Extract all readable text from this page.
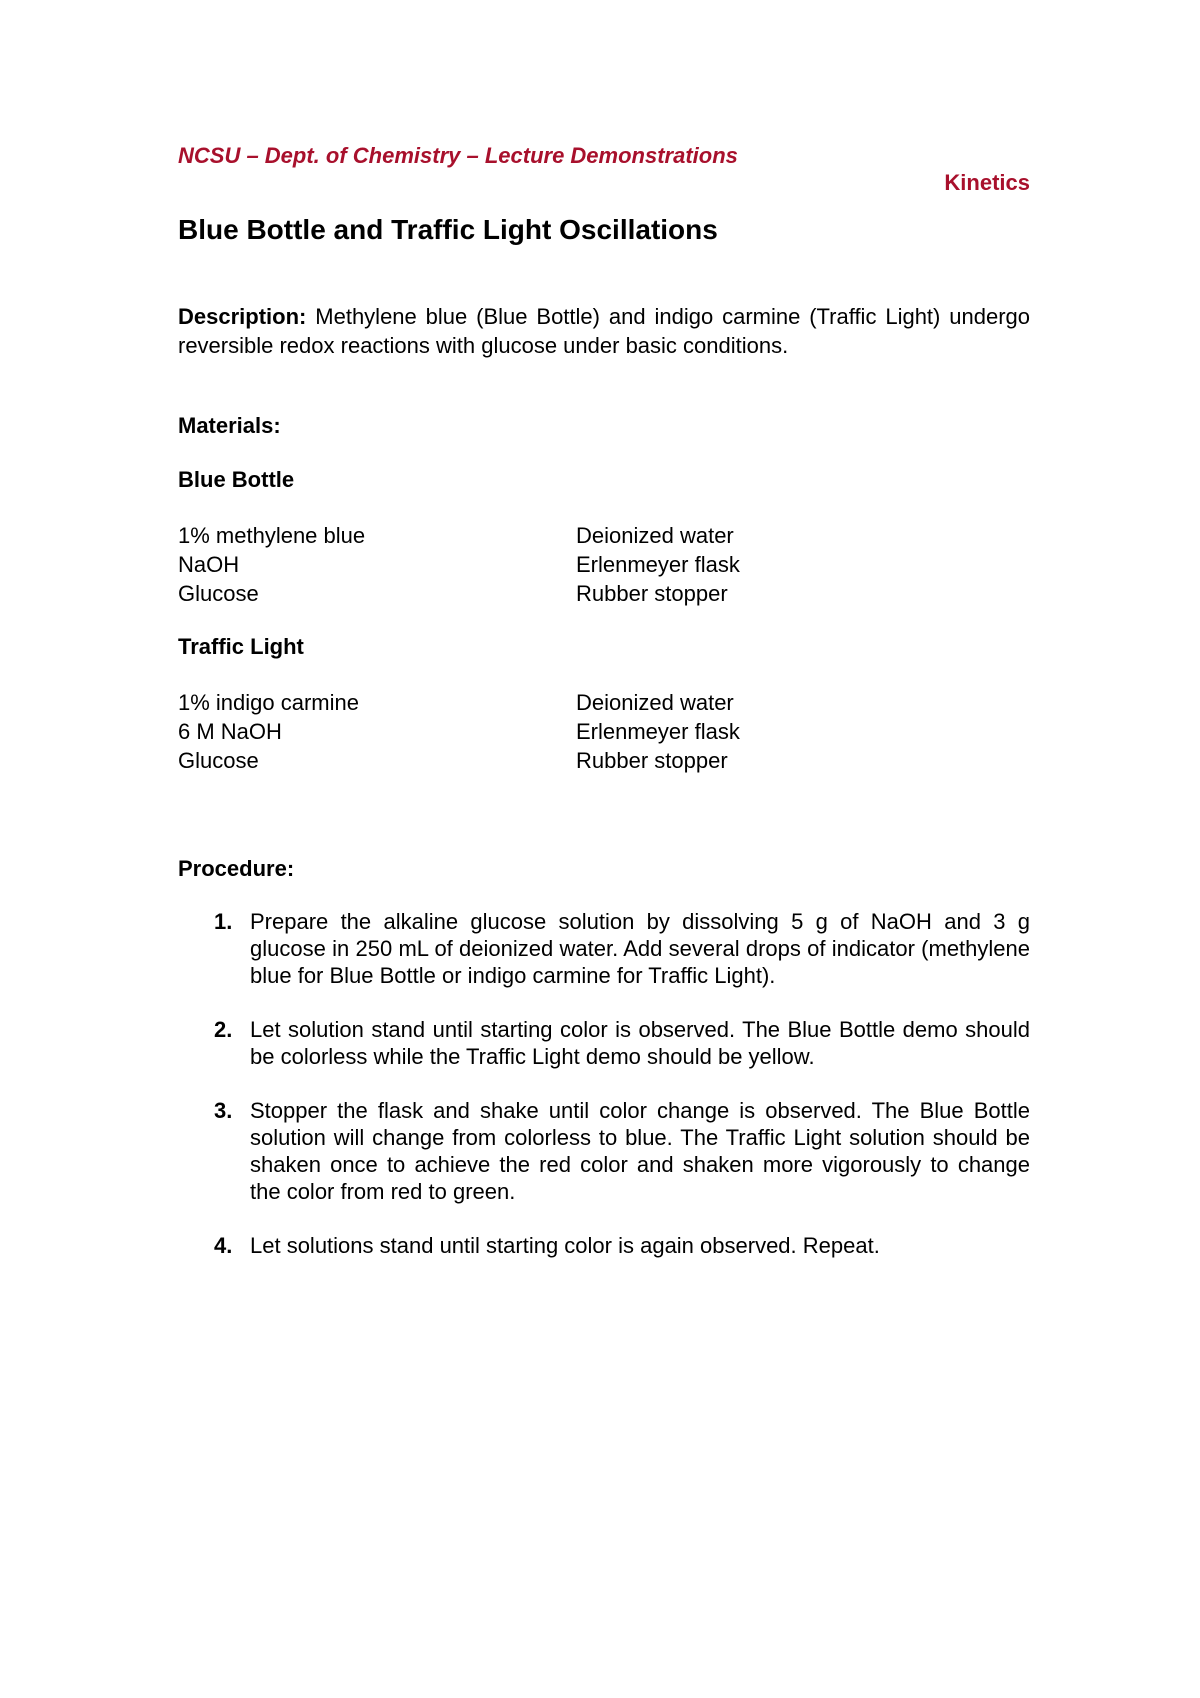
NCSU – Dept. of Chemistry – Lecture Demonstrations
Kinetics
Blue Bottle and Traffic Light Oscillations

Description: Methylene blue (Blue Bottle) and indigo carmine (Traffic Light) undergo reversible redox reactions with glucose under basic conditions.

Materials:
Blue Bottle
1% methylene blue
NaOH
Glucose
Deionized water
Erlenmeyer flask
Rubber stopper
Traffic Light
1% indigo carmine
6 M NaOH
Glucose
Deionized water
Erlenmeyer flask
Rubber stopper
Procedure:
1. Prepare the alkaline glucose solution by dissolving 5 g of NaOH and 3 g glucose in 250 mL of deionized water. Add several drops of indicator (methylene blue for Blue Bottle or indigo carmine for Traffic Light).
2. Let solution stand until starting color is observed. The Blue Bottle demo should be colorless while the Traffic Light demo should be yellow.
3. Stopper the flask and shake until color change is observed. The Blue Bottle solution will change from colorless to blue. The Traffic Light solution should be shaken once to achieve the red color and shaken more vigorously to change the color from red to green.
4. Let solutions stand until starting color is again observed. Repeat.
